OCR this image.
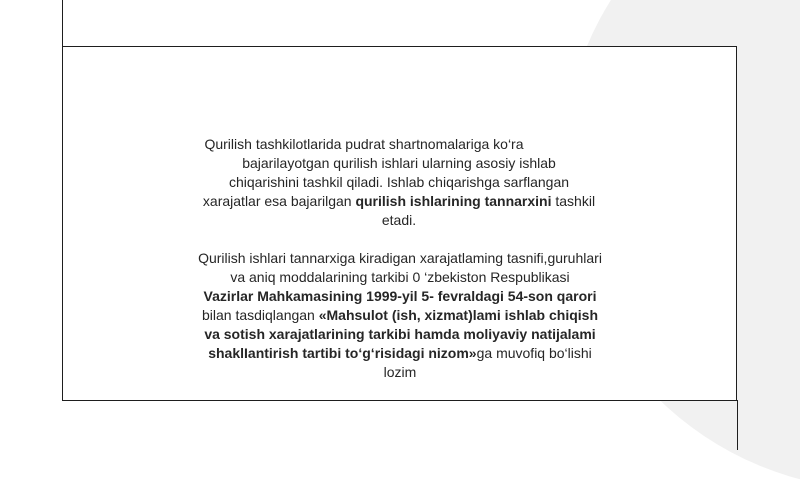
Qurilish tashkilotlarida pudrat shartnomalariga ko‘ra
bajarilayotgan qurilish ishlari ularning asosiy ishlab
chiqarishini tashkil qiladi. Ishlab chiqarishga sarflangan
xarajatlar esa bajarilgan qurilish ishlarining tannarxini tashkil
etadi.
Qurilish ishlari tannarxiga kiradigan xarajatlaming tasnifi,guruhlari
va aniq moddalarining tarkibi 0 ‘zbekiston Respublikasi
Vazirlar Mahkamasining 1999-yil 5- fevraldagi 54-son qarori
bilan tasdiqlangan «Mahsulot (ish, xizmat)lami ishlab chiqish
va sotish xarajatlarining tarkibi hamda moliyaviy natijalami
shaklIantirish tartibi to‘g‘risidagi nizom»ga muvofiq bo‘lishi
lozim
